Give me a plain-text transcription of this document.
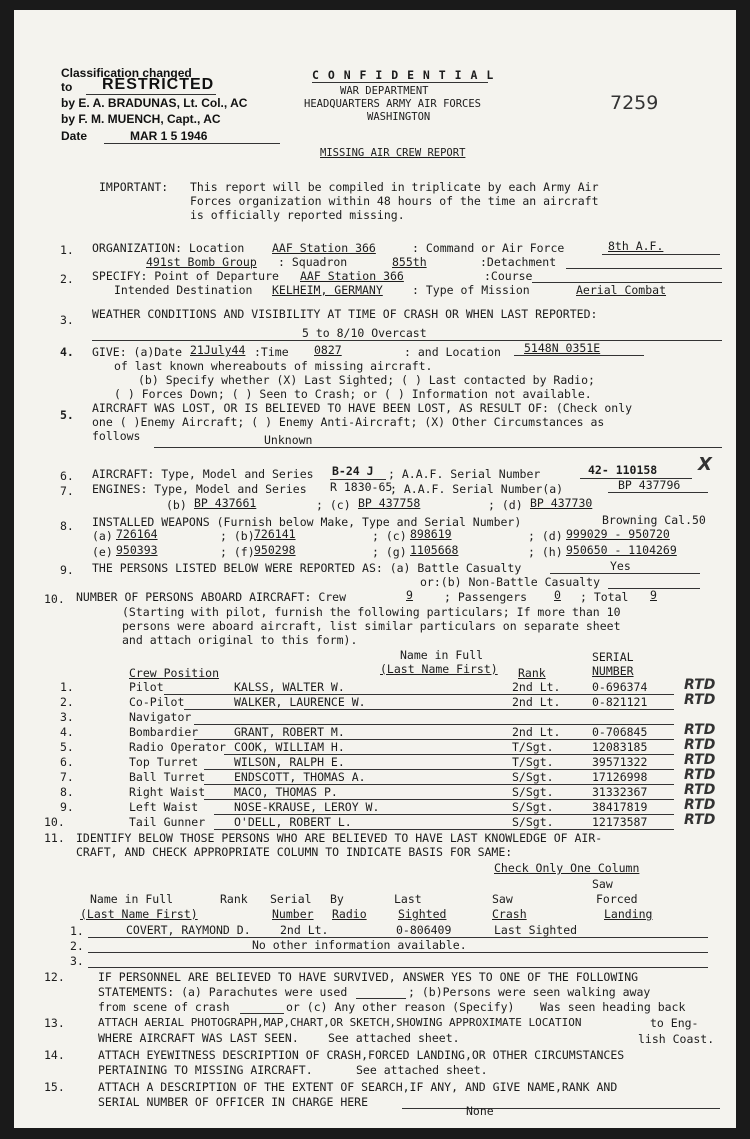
Classification changed
to RESTRICTED
by E. A. BRADUNAS, Lt. Col., AC
by F. M. MUENCH, Capt., AC
Date	MAR 1 5 1946
C O N F I D E N T I A L
WAR DEPARTMENT
HEADQUARTERS ARMY AIR FORCES
WASHINGTON
7259
MISSING AIR CREW REPORT
IMPORTANT: This report will be compiled in triplicate by each Army Air
Forces organization within 48 hours of the time an aircraft
is officially reported missing.
1. ORGANIZATION: Location AAF Station 366	: Command or Air Force	8th A.F.
491st Bomb Group : Squadron	855th	:Detachment
2. SPECIFY: Point of Departure AAF Station 366	:Course
Intended Destination KELHEIM, GERMANY	: Type of Mission	Aerial Combat
3. WEATHER CONDITIONS AND VISIBILITY AT TIME OF CRASH OR WHEN LAST REPORTED:
5 to 8/10 Overcast
4. GIVE: (a)Date 21July44 :Time 0827	: and Location 5148N 0351E
of last known whereabouts of missing aircraft.
(b) Specify whether (X) Last Sighted; ( ) Last contacted by Radio;
( ) Forces Down; ( ) Seen to Crash; or ( ) Information not available.
5. AIRCRAFT WAS LOST, OR IS BELIEVED TO HAVE BEEN LOST, AS RESULT OF: (Check only
one ( )Enemy Aircraft; ( ) Enemy Anti-Aircraft; (X) Other Circumstances as
follows	Unknown
6. AIRCRAFT: Type, Model and Series B-24 J ; A.A.F. Serial Number	42- 110158 X
7. ENGINES: Type, Model and Series R 1830-65
; A.A.F. Serial Number(a)	BP 437796
(b) BP 437661	; (c) BP 437758	; (d) BP 437730
8. INSTALLED WEAPONS (Furnish below Make, Type and Serial Number)	Browning Cal.50
(a) 726164	; (b) 726141	; (c) 898619	; (d) 999029 - 950720
(e) 950393	; (f) 950298	; (g) 1105668	; (h) 950650 - 1104269
9. THE PERSONS LISTED BELOW WERE REPORTED AS: (a) Battle Casualty	Yes
or:(b) Non-Battle Casualty
10. NUMBER OF PERSONS ABOARD AIRCRAFT: Crew	9	; Passengers 0 ; Total 9
(Starting with pilot, furnish the following particulars; If more than 10
persons were aboard aircraft, list similar particulars on separate sheet
and attach original to this form).
Name in Full
(Last Name First)
SERIAL
NUMBER
Crew Position	Rank
1.	Pilot	KALSS, WALTER W.	2nd Lt.	0-696374	RTD
2.	Co-Pilot	WALKER, LAURENCE W.	2nd Lt.	0-821121	RTD
3.	Navigator
4.	Bombardier	GRANT, ROBERT M.	2nd Lt.	0-706845	RTD
5.	Radio Operator COOK, WILLIAM H.	T/Sgt.	12083185	RTD
6.	Top Turret	WILSON, RALPH E.	T/Sgt.	39571322	RTD
7.	Ball Turret	ENDSCOTT, THOMAS A.	S/Sgt.	17126998	RTD
8.	Right Waist	MACO, THOMAS P.	S/Sgt.	31332367	RTD
9.	Left Waist	NOSE-KRAUSE, LEROY W.	S/Sgt.	38417819	RTD
10.	Tail Gunner	O'DELL, ROBERT L.	S/Sgt.	12173587	RTD
11. IDENTIFY BELOW THOSE PERSONS WHO ARE BELIEVED TO HAVE LAST KNOWLEDGE OF AIR-
CRAFT, AND CHECK APPROPRIATE COLUMN TO INDICATE BASIS FOR SAME:
Check Only One Column
Saw
Name in Full	Rank Serial By	Last	Saw	Forced
(Last Name First)	Number Radio	Sighted	Crash	Landing
1.	COVERT, RAYMOND D.	2nd Lt.	0-806409	Last Sighted
2.	No other information available.
3.
12.	IF PERSONNEL ARE BELIEVED TO HAVE SURVIVED, ANSWER YES TO ONE OF THE FOLLOWING
STATEMENTS: (a) Parachutes were used	; (b)Persons were seen walking away
from scene of crash	or (c) Any other reason (Specify) Was seen heading back
to Eng-
lish Coast.
13.	ATTACH AERIAL PHOTOGRAPH,MAP,CHART,OR SKETCH,SHOWING APPROXIMATE LOCATION
WHERE AIRCRAFT WAS LAST SEEN.	See attached sheet.
14.	ATTACH EYEWITNESS DESCRIPTION OF CRASH,FORCED LANDING,OR OTHER CIRCUMSTANCES
PERTAINING TO MISSING AIRCRAFT.	See attached sheet.
15.	ATTACH A DESCRIPTION OF THE EXTENT OF SEARCH,IF ANY, AND GIVE NAME,RANK AND
SERIAL NUMBER OF OFFICER IN CHARGE HERE
None
